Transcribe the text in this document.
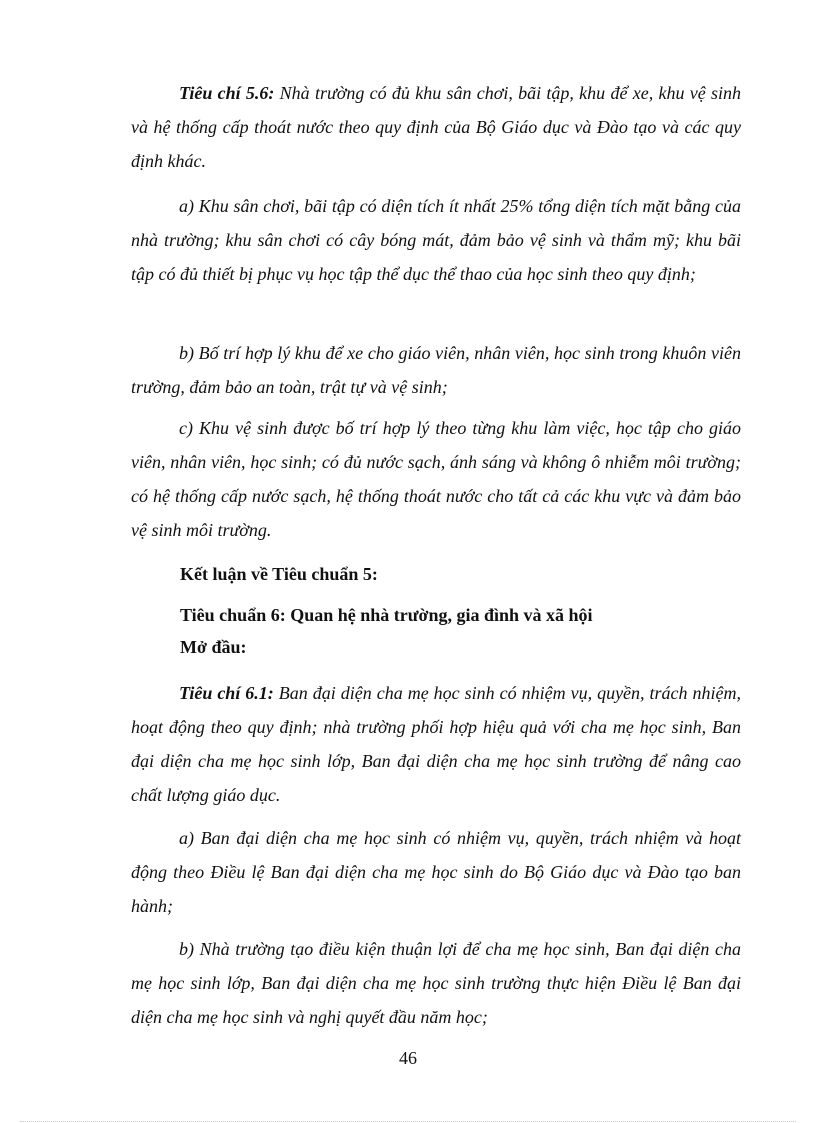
Tiêu chí 5.6: Nhà trường có đủ khu sân chơi, bãi tập, khu để xe, khu vệ sinh và hệ thống cấp thoát nước theo quy định của Bộ Giáo dục và Đào tạo và các quy định khác.

a) Khu sân chơi, bãi tập có diện tích ít nhất 25% tổng diện tích mặt bằng của nhà trường; khu sân chơi có cây bóng mát, đảm bảo vệ sinh và thẩm mỹ; khu bãi tập có đủ thiết bị phục vụ học tập thể dục thể thao của học sinh theo quy định;

b) Bố trí hợp lý khu để xe cho giáo viên, nhân viên, học sinh trong khuôn viên trường, đảm bảo an toàn, trật tự và vệ sinh;

c) Khu vệ sinh được bố trí hợp lý theo từng khu làm việc, học tập cho giáo viên, nhân viên, học sinh; có đủ nước sạch, ánh sáng và không ô nhiễm môi trường; có hệ thống cấp nước sạch, hệ thống thoát nước cho tất cả các khu vực và đảm bảo vệ sinh môi trường.

Kết luận về Tiêu chuẩn 5:

Tiêu chuẩn 6: Quan hệ nhà trường, gia đình và xã hội

Mở đầu:

Tiêu chí 6.1: Ban đại diện cha mẹ học sinh có nhiệm vụ, quyền, trách nhiệm, hoạt động theo quy định; nhà trường phối hợp hiệu quả với cha mẹ học sinh, Ban đại diện cha mẹ học sinh lớp, Ban đại diện cha mẹ học sinh trường để nâng cao chất lượng giáo dục.

a) Ban đại diện cha mẹ học sinh có nhiệm vụ, quyền, trách nhiệm và hoạt động theo Điều lệ Ban đại diện cha mẹ học sinh do Bộ Giáo dục và Đào tạo ban hành;

b) Nhà trường tạo điều kiện thuận lợi để cha mẹ học sinh, Ban đại diện cha mẹ học sinh lớp, Ban đại diện cha mẹ học sinh trường thực hiện Điều lệ Ban đại diện cha mẹ học sinh và nghị quyết đầu năm học;

46
